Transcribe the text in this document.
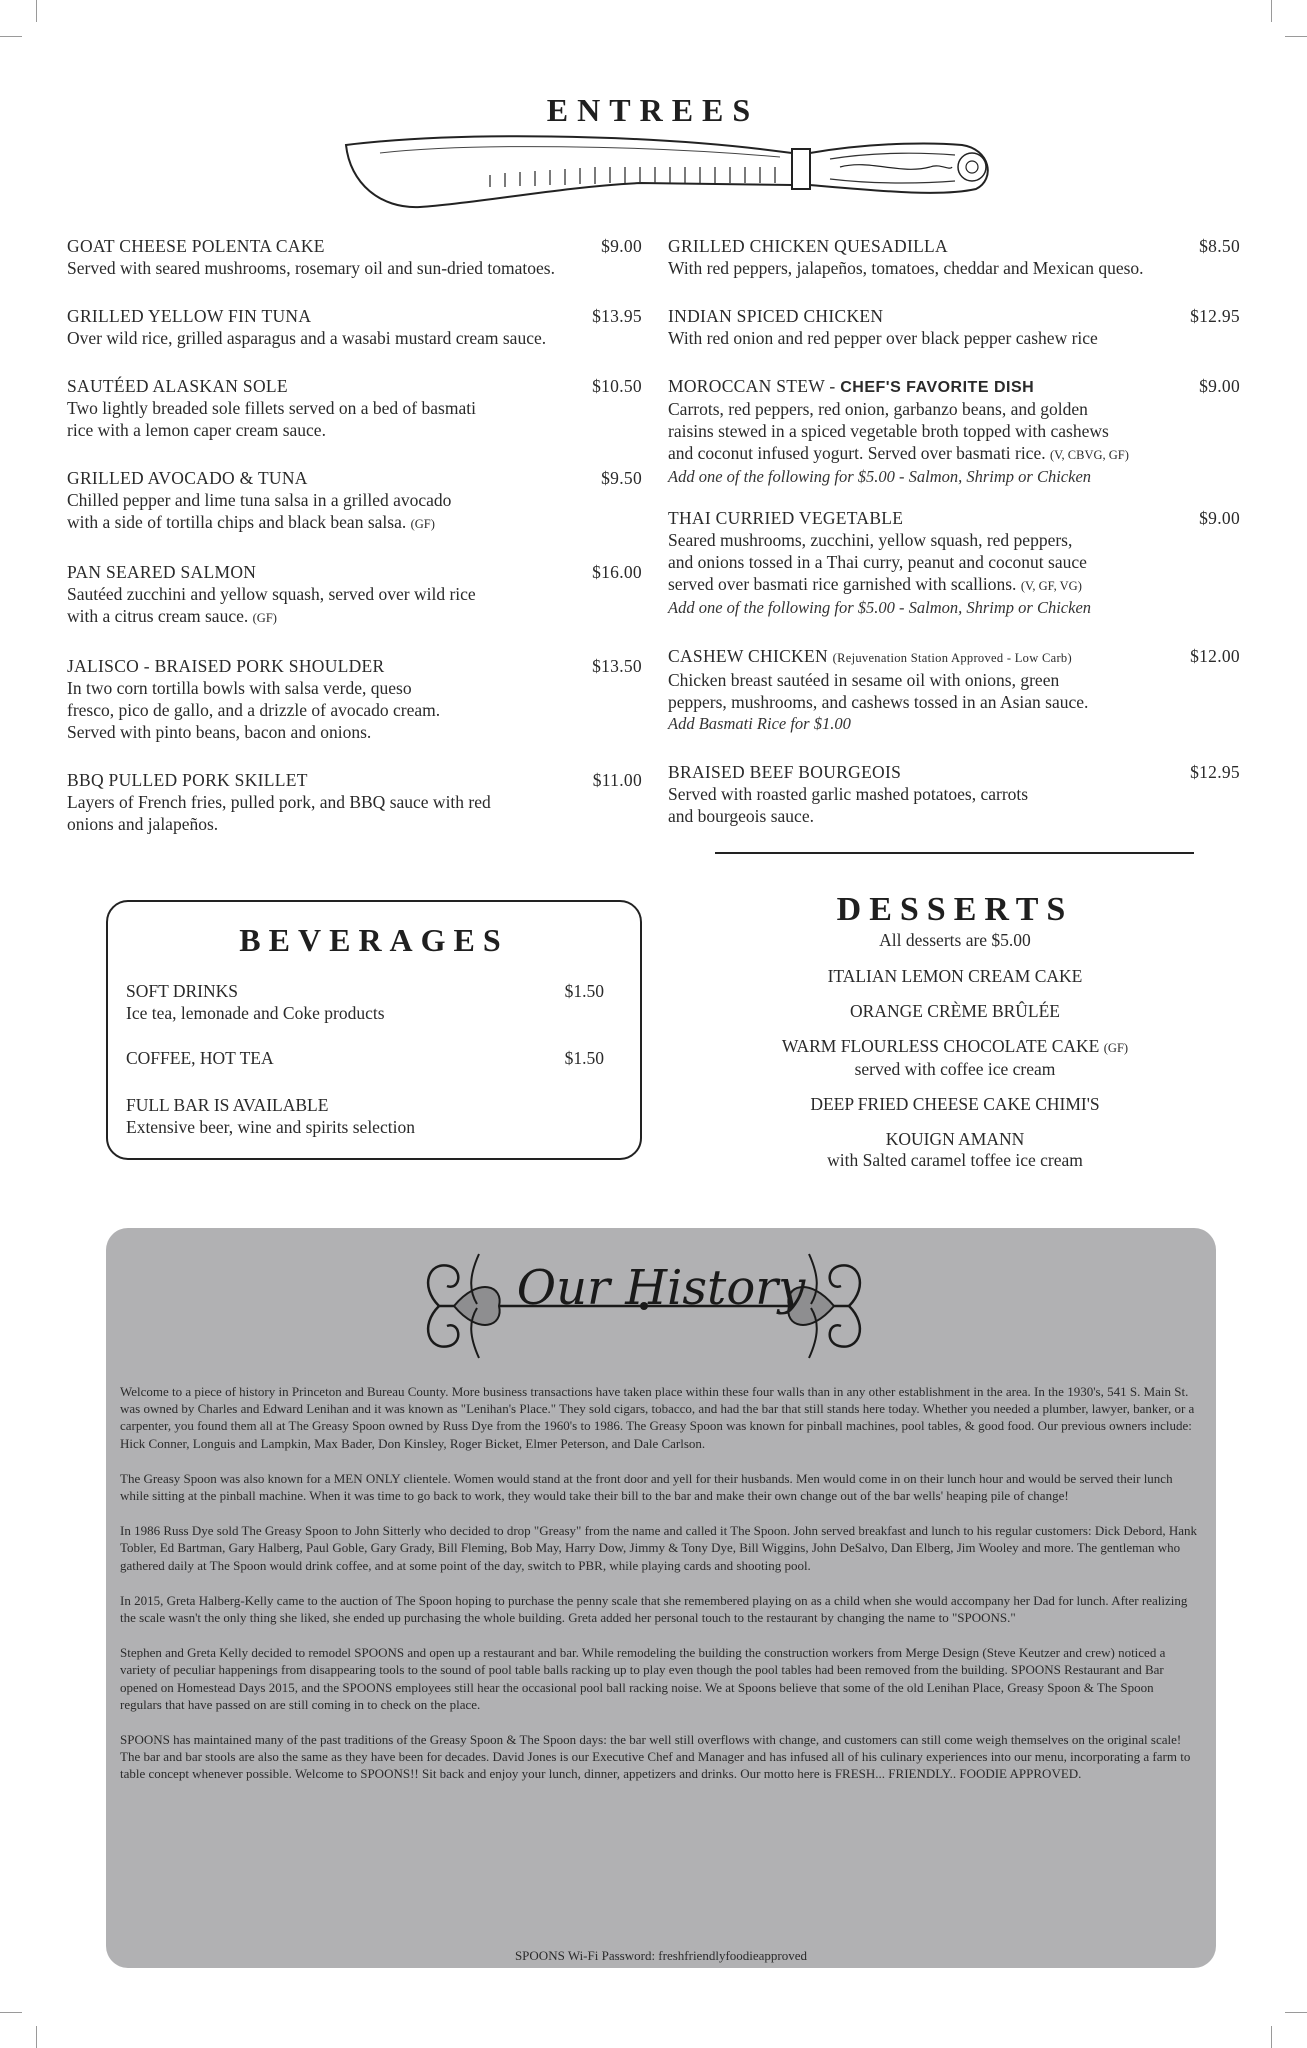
ENTREES
GOAT CHEESE POLENTA CAKE	$9.00
Served with seared mushrooms, rosemary oil and sun-dried tomatoes.
GRILLED YELLOW FIN TUNA	$13.95
Over wild rice, grilled asparagus and a wasabi mustard cream sauce.
SAUTÉED ALASKAN SOLE	$10.50
Two lightly breaded sole fillets served on a bed of basmati
rice with a lemon caper cream sauce.
GRILLED AVOCADO & TUNA	$9.50
Chilled pepper and lime tuna salsa in a grilled avocado
with a side of tortilla chips and black bean salsa. (GF)
PAN SEARED SALMON	$16.00
Sautéed zucchini and yellow squash, served over wild rice
with a citrus cream sauce. (GF)
JALISCO - BRAISED PORK SHOULDER	$13.50
In two corn tortilla bowls with salsa verde, queso
fresco, pico de gallo, and a drizzle of avocado cream.
Served with pinto beans, bacon and onions.
BBQ PULLED PORK SKILLET	$11.00
Layers of French fries, pulled pork, and BBQ sauce with red
onions and jalapeños.
GRILLED CHICKEN QUESADILLA	$8.50
With red peppers, jalapeños, tomatoes, cheddar and Mexican queso.
INDIAN SPICED CHICKEN	$12.95
With red onion and red pepper over black pepper cashew rice
MOROCCAN STEW - CHEF'S FAVORITE DISH	$9.00
Carrots, red peppers, red onion, garbanzo beans, and golden
raisins stewed in a spiced vegetable broth topped with cashews
and coconut infused yogurt. Served over basmati rice. (V, CBVG, GF)
Add one of the following for $5.00 - Salmon, Shrimp or Chicken
THAI CURRIED VEGETABLE	$9.00
Seared mushrooms, zucchini, yellow squash, red peppers,
and onions tossed in a Thai curry, peanut and coconut sauce
served over basmati rice garnished with scallions. (V, GF, VG)
Add one of the following for $5.00 - Salmon, Shrimp or Chicken
CASHEW CHICKEN (Rejuvenation Station Approved - Low Carb)	$12.00
Chicken breast sautéed in sesame oil with onions, green
peppers, mushrooms, and cashews tossed in an Asian sauce.
Add Basmati Rice for $1.00
BRAISED BEEF BOURGEOIS	$12.95
Served with roasted garlic mashed potatoes, carrots
and bourgeois sauce.
BEVERAGES
SOFT DRINKS	$1.50
Ice tea, lemonade and Coke products
COFFEE, HOT TEA	$1.50
FULL BAR IS AVAILABLE
Extensive beer, wine and spirits selection
DESSERTS
All desserts are $5.00
ITALIAN LEMON CREAM CAKE
ORANGE CRÈME BRÛLÉE
WARM FLOURLESS CHOCOLATE CAKE (GF)
served with coffee ice cream
DEEP FRIED CHEESE CAKE CHIMI'S
KOUIGN AMANN
with Salted caramel toffee ice cream
Our History

Welcome to a piece of history in Princeton and Bureau County. More business transactions have taken place within these four walls than in any other establishment in the area. In the 1930's, 541 S. Main St. was owned by Charles and Edward Lenihan and it was known as "Lenihan's Place." They sold cigars, tobacco, and had the bar that still stands here today. Whether you needed a plumber, lawyer, banker, or a carpenter, you found them all at The Greasy Spoon owned by Russ Dye from the 1960's to 1986. The Greasy Spoon was known for pinball machines, pool tables, & good food. Our previous owners include: Hick Conner, Longuis and Lampkin, Max Bader, Don Kinsley, Roger Bicket, Elmer Peterson, and Dale Carlson.

The Greasy Spoon was also known for a MEN ONLY clientele. Women would stand at the front door and yell for their husbands. Men would come in on their lunch hour and would be served their lunch while sitting at the pinball machine. When it was time to go back to work, they would take their bill to the bar and make their own change out of the bar wells' heaping pile of change!

In 1986 Russ Dye sold The Greasy Spoon to John Sitterly who decided to drop "Greasy" from the name and called it The Spoon. John served breakfast and lunch to his regular customers: Dick Debord, Hank Tobler, Ed Bartman, Gary Halberg, Paul Goble, Gary Grady, Bill Fleming, Bob May, Harry Dow, Jimmy & Tony Dye, Bill Wiggins, John DeSalvo, Dan Elberg, Jim Wooley and more. The gentleman who gathered daily at The Spoon would drink coffee, and at some point of the day, switch to PBR, while playing cards and shooting pool.

In 2015, Greta Halberg-Kelly came to the auction of The Spoon hoping to purchase the penny scale that she remembered playing on as a child when she would accompany her Dad for lunch. After realizing the scale wasn't the only thing she liked, she ended up purchasing the whole building. Greta added her personal touch to the restaurant by changing the name to "SPOONS."

Stephen and Greta Kelly decided to remodel SPOONS and open up a restaurant and bar. While remodeling the building the construction workers from Merge Design (Steve Keutzer and crew) noticed a variety of peculiar happenings from disappearing tools to the sound of pool table balls racking up to play even though the pool tables had been removed from the building. SPOONS Restaurant and Bar opened on Homestead Days 2015, and the SPOONS employees still hear the occasional pool ball racking noise. We at Spoons believe that some of the old Lenihan Place, Greasy Spoon & The Spoon regulars that have passed on are still coming in to check on the place.

SPOONS has maintained many of the past traditions of the Greasy Spoon & The Spoon days: the bar well still overflows with change, and customers can still come weigh themselves on the original scale! The bar and bar stools are also the same as they have been for decades. David Jones is our Executive Chef and Manager and has infused all of his culinary experiences into our menu, incorporating a farm to table concept whenever possible. Welcome to SPOONS!! Sit back and enjoy your lunch, dinner, appetizers and drinks. Our motto here is FRESH... FRIENDLY.. FOODIE APPROVED.

SPOONS Wi-Fi Password: freshfriendlyfoodieapproved
